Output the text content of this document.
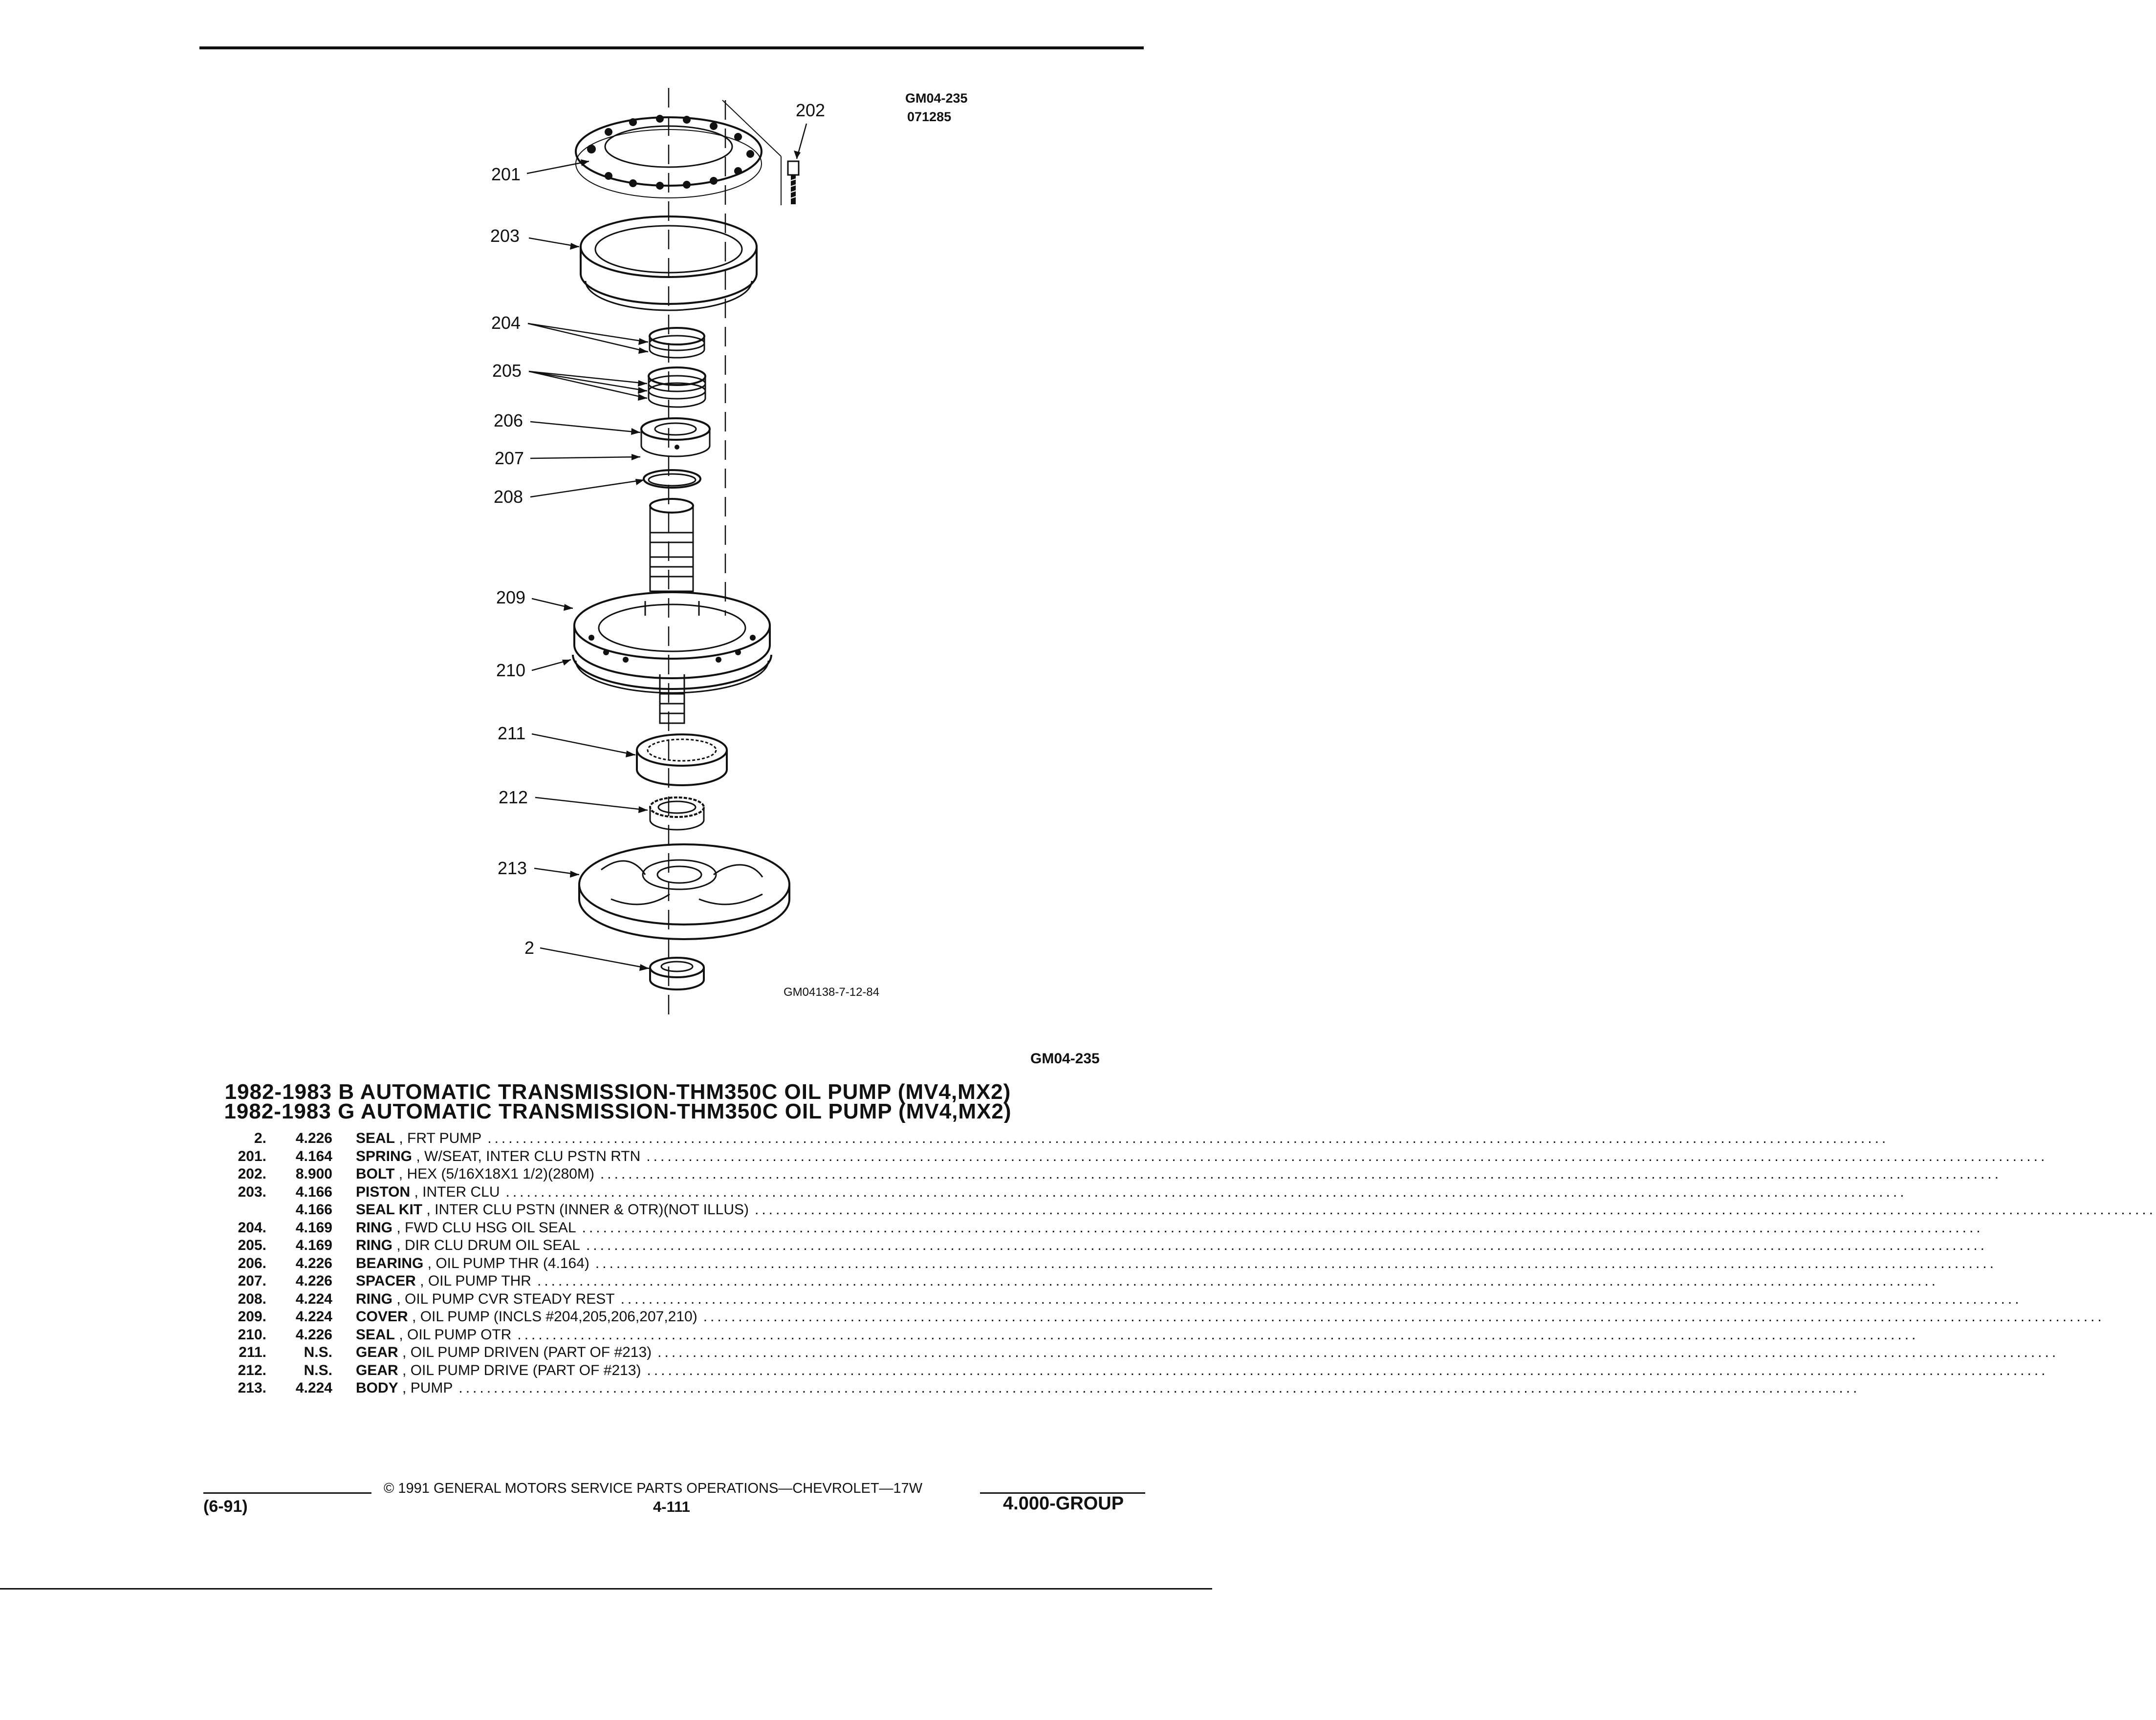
GM04-235
071285
201
202
203
204
205
206
207
208
209
210
211
212
213
2
GM04138-7-12-84
GM04-235
1982-1983 B AUTOMATIC TRANSMISSION-THM350C OIL PUMP (MV4,MX2)
1982-1983 G AUTOMATIC TRANSMISSION-THM350C OIL PUMP (MV4,MX2)
2. 4.226 SEAL , FRT PUMP ........................................................................................................................................................................................................
201. 4.164 SPRING , W/SEAT, INTER CLU PSTN RTN ........................................................................................................................................................................................................
202. 8.900 BOLT , HEX (5/16X18X1 1/2)(280M) ........................................................................................................................................................................................................
203. 4.166 PISTON , INTER CLU ........................................................................................................................................................................................................
4.166 SEAL KIT , INTER CLU PSTN (INNER & OTR)(NOT ILLUS) ........................................................................................................................................................................................................
204. 4.169 RING , FWD CLU HSG OIL SEAL ........................................................................................................................................................................................................
205. 4.169 RING , DIR CLU DRUM OIL SEAL ........................................................................................................................................................................................................
206. 4.226 BEARING , OIL PUMP THR (4.164) ........................................................................................................................................................................................................
207. 4.226 SPACER , OIL PUMP THR ........................................................................................................................................................................................................
208. 4.224 RING , OIL PUMP CVR STEADY REST ........................................................................................................................................................................................................
209. 4.224 COVER , OIL PUMP (INCLS #204,205,206,207,210) ........................................................................................................................................................................................................
210. 4.226 SEAL , OIL PUMP OTR ........................................................................................................................................................................................................
211.	N.S. GEAR , OIL PUMP DRIVEN (PART OF #213) ........................................................................................................................................................................................................
212.	N.S. GEAR , OIL PUMP DRIVE (PART OF #213) ........................................................................................................................................................................................................
213. 4.224 BODY , PUMP ........................................................................................................................................................................................................
© 1991 GENERAL MOTORS SERVICE PARTS OPERATIONS—CHEVROLET—17W
(6-91)	4-111	4.000-GROUP
